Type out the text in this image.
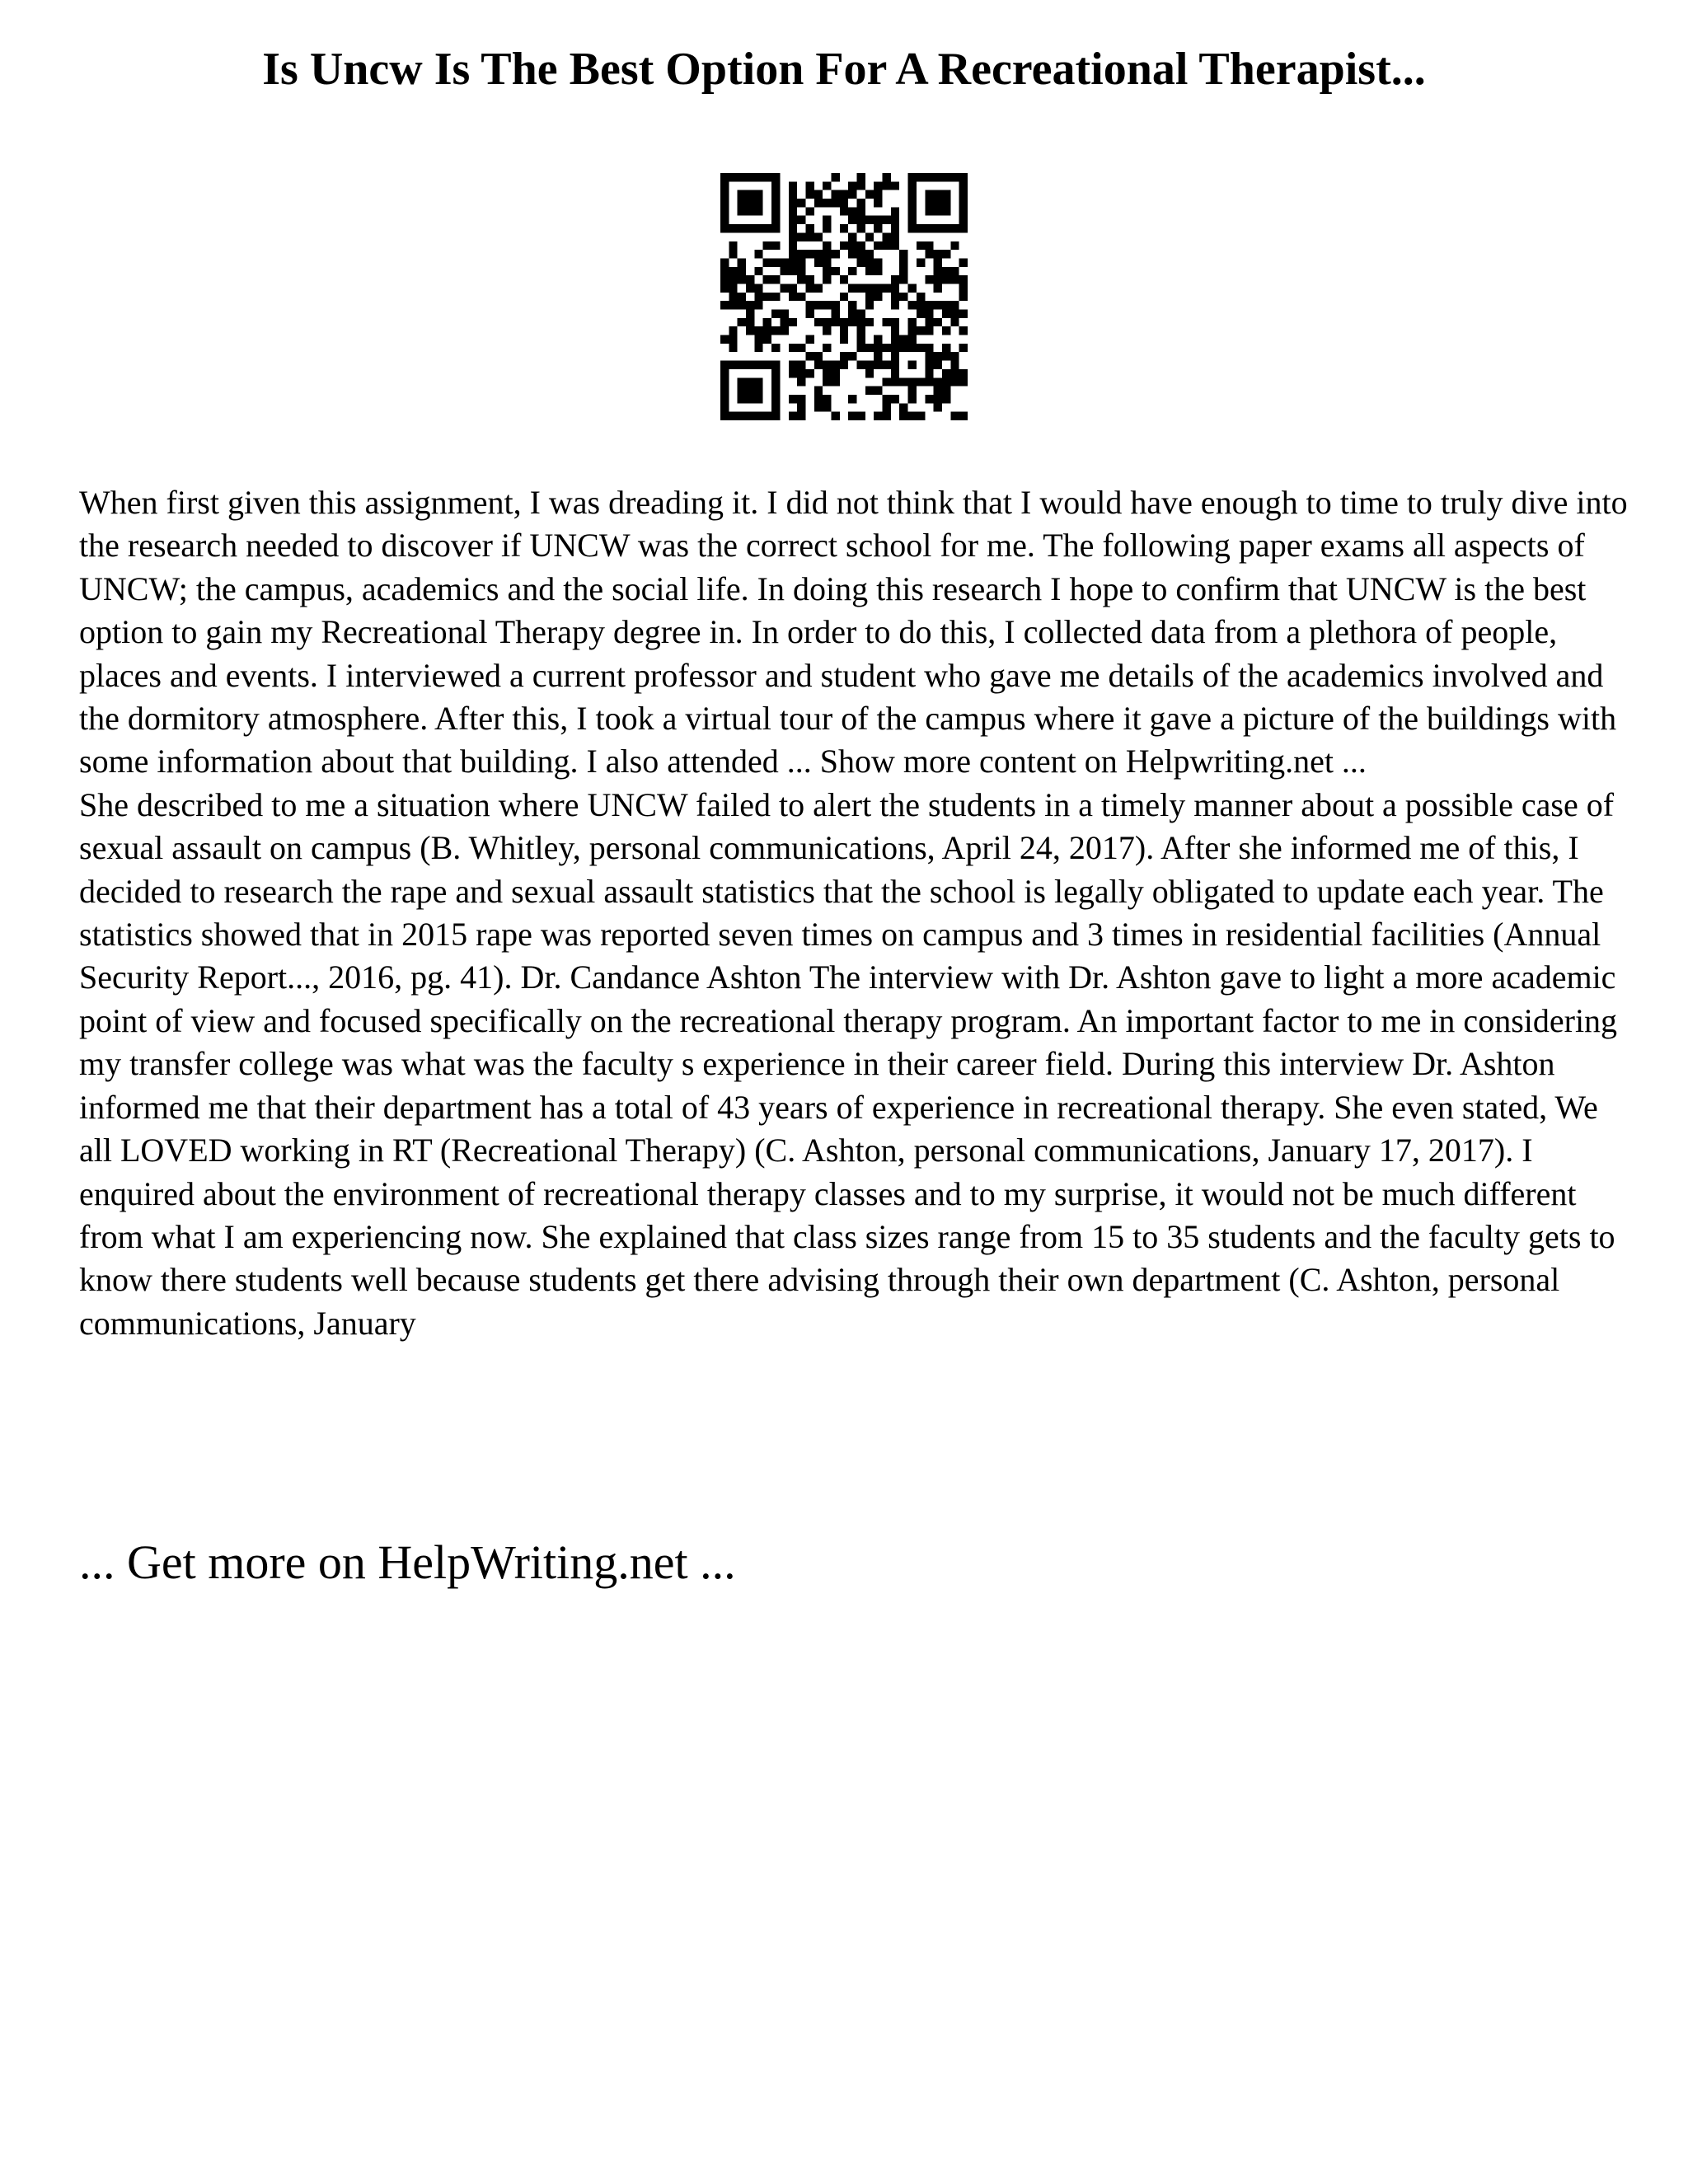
Is Uncw Is The Best Option For A Recreational Therapist...

When first given this assignment, I was dreading it. I did not think that I would have enough to time to truly dive into the research needed to discover if UNCW was the correct school for me. The following paper exams all aspects of UNCW; the campus, academics and the social life. In doing this research I hope to confirm that UNCW is the best option to gain my Recreational Therapy degree in. In order to do this, I collected data from a plethora of people, places and events. I interviewed a current professor and student who gave me details of the academics involved and the dormitory atmosphere. After this, I took a virtual tour of the campus where it gave a picture of the buildings with some information about that building. I also attended ... Show more content on Helpwriting.net ...

She described to me a situation where UNCW failed to alert the students in a timely manner about a possible case of sexual assault on campus (B. Whitley, personal communications, April 24, 2017). After she informed me of this, I decided to research the rape and sexual assault statistics that the school is legally obligated to update each year. The statistics showed that in 2015 rape was reported seven times on campus and 3 times in residential facilities (Annual Security Report..., 2016, pg. 41). Dr. Candance Ashton The interview with Dr. Ashton gave to light a more academic point of view and focused specifically on the recreational therapy program. An important factor to me in considering my transfer college was what was the faculty s experience in their career field. During this interview Dr. Ashton informed me that their department has a total of 43 years of experience in recreational therapy. She even stated, We all LOVED working in RT (Recreational Therapy) (C. Ashton, personal communications, January 17, 2017). I enquired about the environment of recreational therapy classes and to my surprise, it would not be much different from what I am experiencing now. She explained that class sizes range from 15 to 35 students and the faculty gets to know there students well because students get there advising through their own department (C. Ashton, personal communications, January

... Get more on HelpWriting.net ...
